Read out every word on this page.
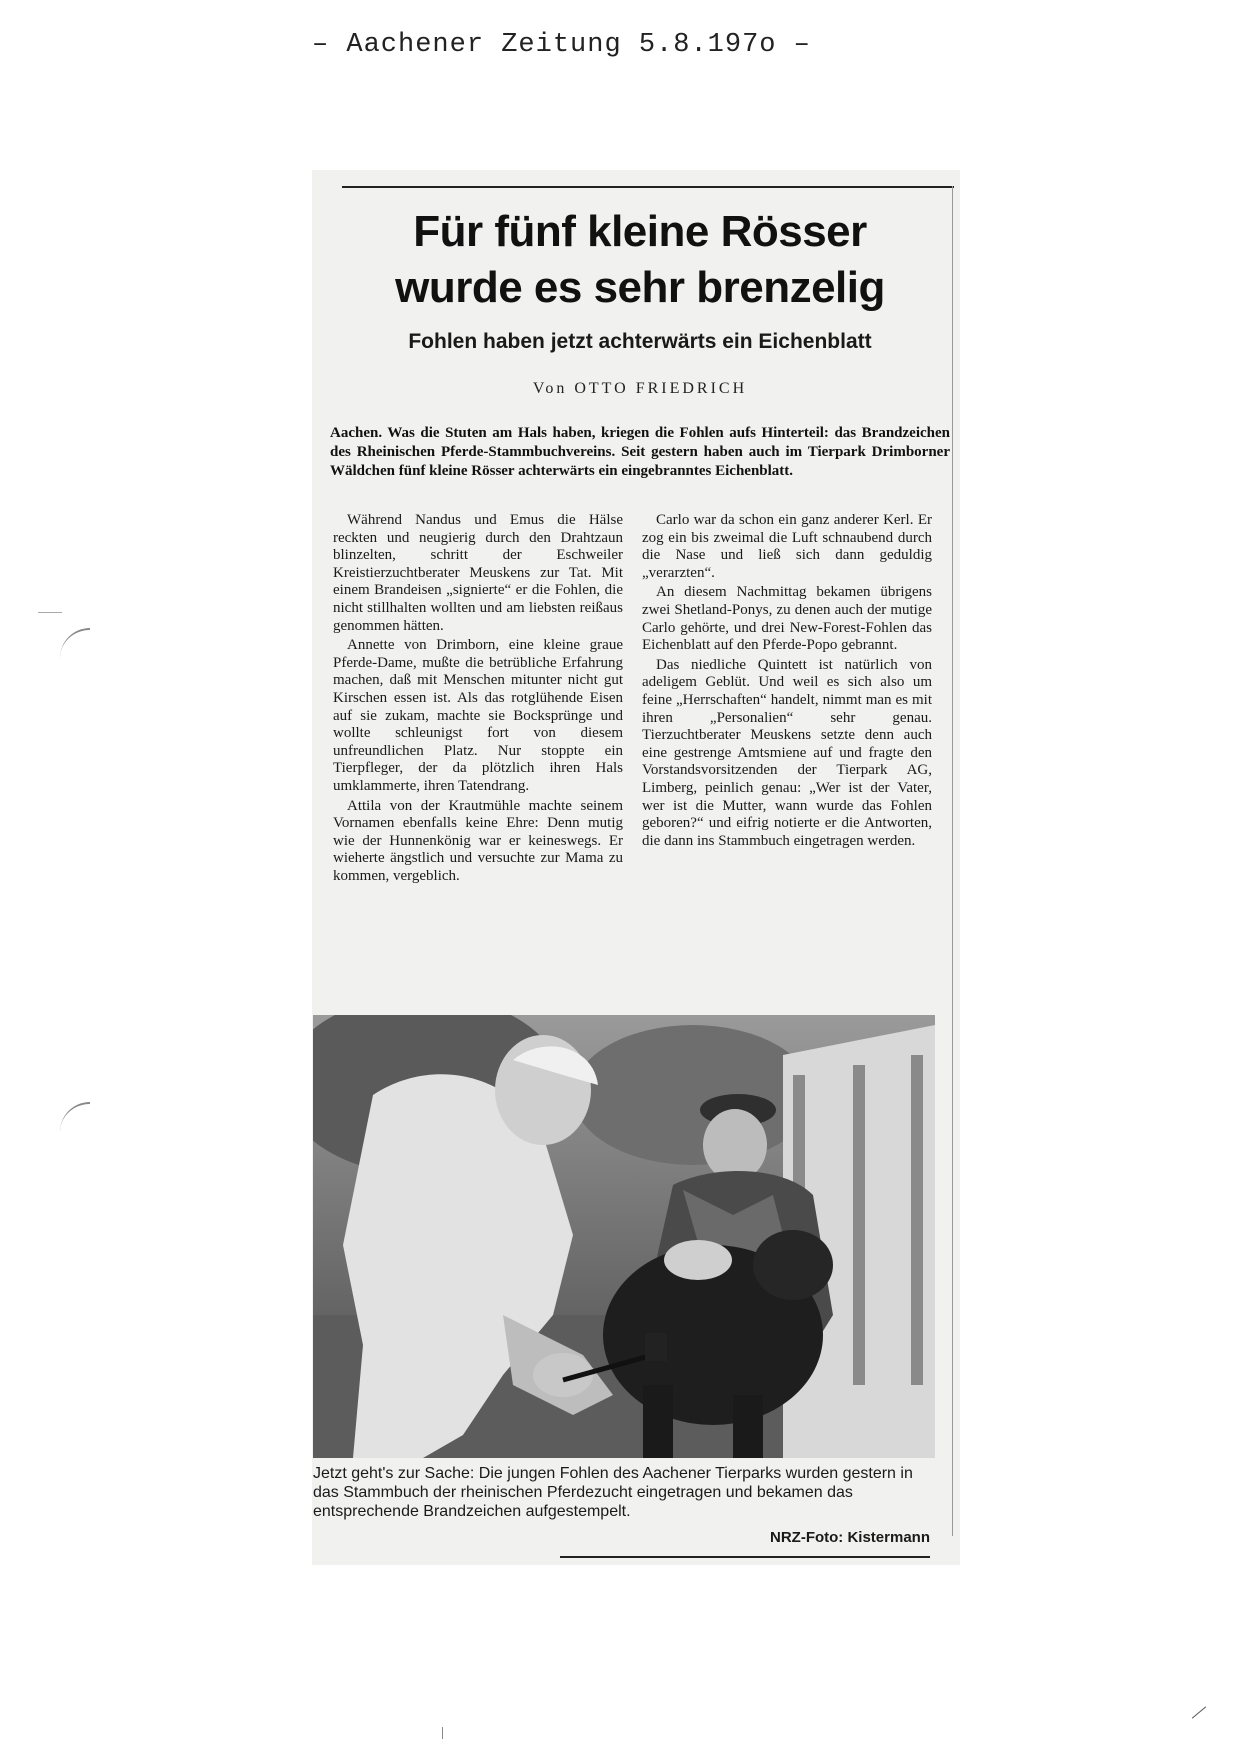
– Aachener Zeitung 5.8.197o –
Für fünf kleine Rösser
wurde es sehr brenzelig
Fohlen haben jetzt achterwärts ein Eichenblatt
Von OTTO FRIEDRICH
Aachen. Was die Stuten am Hals haben, kriegen die Fohlen aufs Hinterteil: das Brandzeichen des Rheinischen Pferde-Stammbuchvereins. Seit gestern haben auch im Tierpark Drimborner Wäldchen fünf kleine Rösser achterwärts ein eingebranntes Eichenblatt.

Während Nandus und Emus die Hälse reckten und neugierig durch den Drahtzaun blinzelten, schritt der Eschweiler Kreistierzuchtberater Meuskens zur Tat. Mit einem Brandeisen „signierte“ er die Fohlen, die nicht stillhalten wollten und am liebsten reißaus genommen hätten.

Annette von Drimborn, eine kleine graue Pferde-Dame, mußte die betrübliche Erfahrung machen, daß mit Menschen mitunter nicht gut Kirschen essen ist. Als das rotglühende Eisen auf sie zukam, machte sie Bocksprünge und wollte schleunigst fort von diesem unfreundlichen Platz. Nur stoppte ein Tierpfleger, der da plötzlich ihren Hals umklammerte, ihren Tatendrang.

Attila von der Krautmühle machte seinem Vornamen ebenfalls keine Ehre: Denn mutig wie der Hunnenkönig war er keineswegs. Er wieherte ängstlich und versuchte zur Mama zu kommen, vergeblich.

Carlo war da schon ein ganz anderer Kerl. Er zog ein bis zweimal die Luft schnaubend durch die Nase und ließ sich dann geduldig „verarzten“.

An diesem Nachmittag bekamen übrigens zwei Shetland-Ponys, zu denen auch der mutige Carlo gehörte, und drei New-Forest-Fohlen das Eichenblatt auf den Pferde-Popo gebrannt.

Das niedliche Quintett ist natürlich von adeligem Geblüt. Und weil es sich also um feine „Herrschaften“ handelt, nimmt man es mit ihren „Personalien“ sehr genau. Tierzuchtberater Meuskens setzte denn auch eine gestrenge Amtsmiene auf und fragte den Vorstandsvorsitzenden der Tierpark AG, Limberg, peinlich genau: „Wer ist der Vater, wer ist die Mutter, wann wurde das Fohlen geboren?“ und eifrig notierte er die Antworten, die dann ins Stammbuch eingetragen werden.

Jetzt geht's zur Sache: Die jungen Fohlen des Aachener Tierparks wurden gestern in das Stammbuch der rheinischen Pferdezucht eingetragen und bekamen das entsprechende Brandzeichen aufgestempelt.
NRZ-Foto: Kistermann
